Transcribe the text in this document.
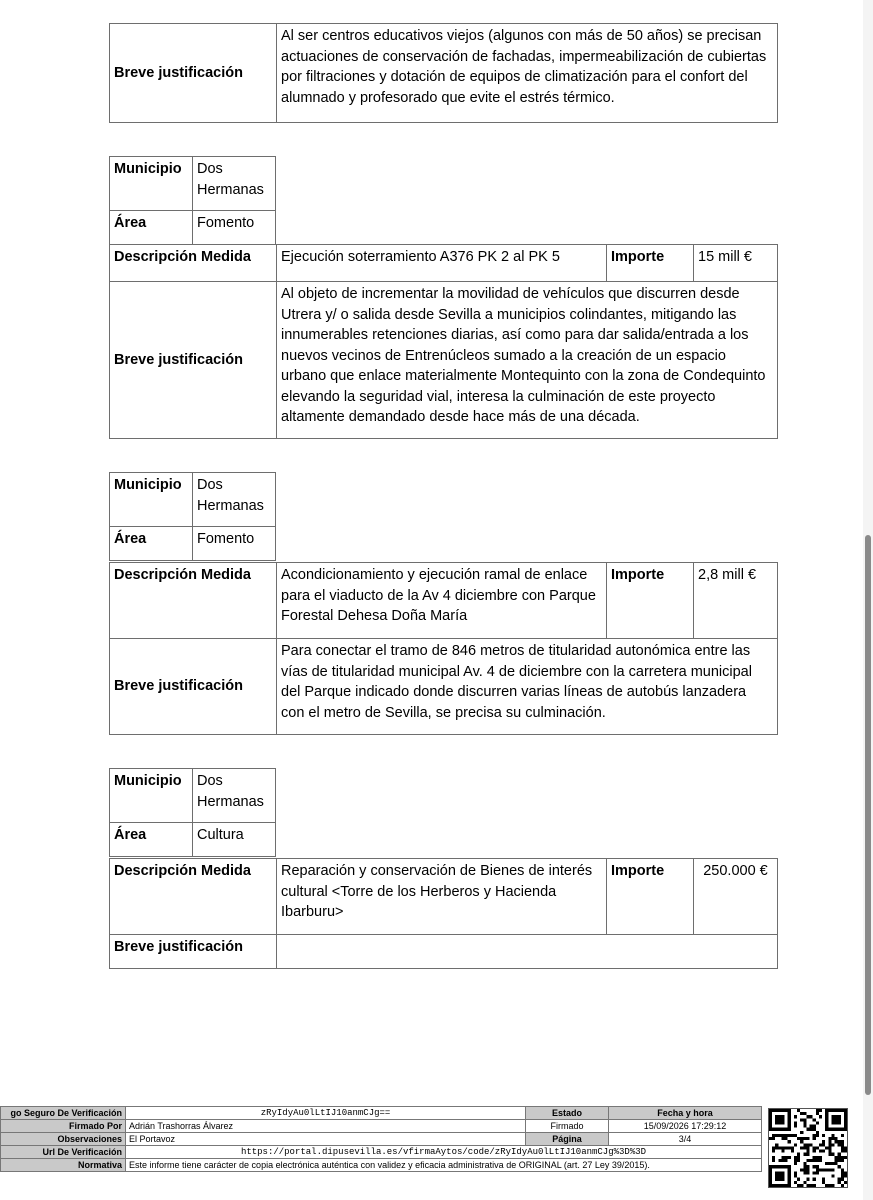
Breve justificación	Al ser centros educativos viejos (algunos con más de 50 años) se precisan actuaciones de conservación de fachadas, impermeabilización de cubiertas por filtraciones y dotación de equipos de climatización para el confort del alumnado y profesorado que evite el estrés térmico.
Municipio	Dos Hermanas
Área	Fomento
Descripción Medida	Ejecución soterramiento A376 PK 2 al PK 5	Importe	15 mill €
Breve justificación	Al objeto de incrementar la movilidad de vehículos que discurren desde Utrera y/ o salida desde Sevilla a municipios colindantes, mitigando las innumerables retenciones diarias, así como para dar salida/entrada a los nuevos vecinos de Entrenúcleos sumado a la creación de un espacio urbano que enlace materialmente Montequinto con la zona de Condequinto elevando la seguridad vial, interesa la culminación de este proyecto altamente demandado desde hace más de una década.		
Municipio	Dos Hermanas
Área	Fomento
Descripción Medida	Acondicionamiento y ejecución ramal de enlace para el viaducto de la Av 4 diciembre con Parque Forestal Dehesa Doña María	Importe	2,8 mill €
Breve justificación	Para conectar el tramo de 846 metros de titularidad autonómica entre las vías de titularidad municipal Av. 4 de diciembre con la carretera municipal del Parque indicado donde discurren varias líneas de autobús lanzadera con el metro de Sevilla, se precisa su culminación.		
Municipio	Dos Hermanas
Área	Cultura
Descripción Medida	Reparación y conservación de Bienes de interés cultural <Torre de los Herberos y Hacienda Ibarburu>	Importe	250.000 €
Breve justificación			
go Seguro De Verificación	zRyIdyAu0lLtIJ10anmCJg==	Estado	Fecha y hora
Firmado Por	Adrián Trashorras Álvarez	Firmado	15/09/2026 17:29:12
Observaciones	El Portavoz	Página	3/4
Url De Verificación	https://portal.dipusevilla.es/vfirmaAytos/code/zRyIdyAu0lLtIJ10anmCJg%3D%3D		
Normativa	Este informe tiene carácter de copia electrónica auténtica con validez y eficacia administrativa de ORIGINAL (art. 27 Ley 39/2015).		
